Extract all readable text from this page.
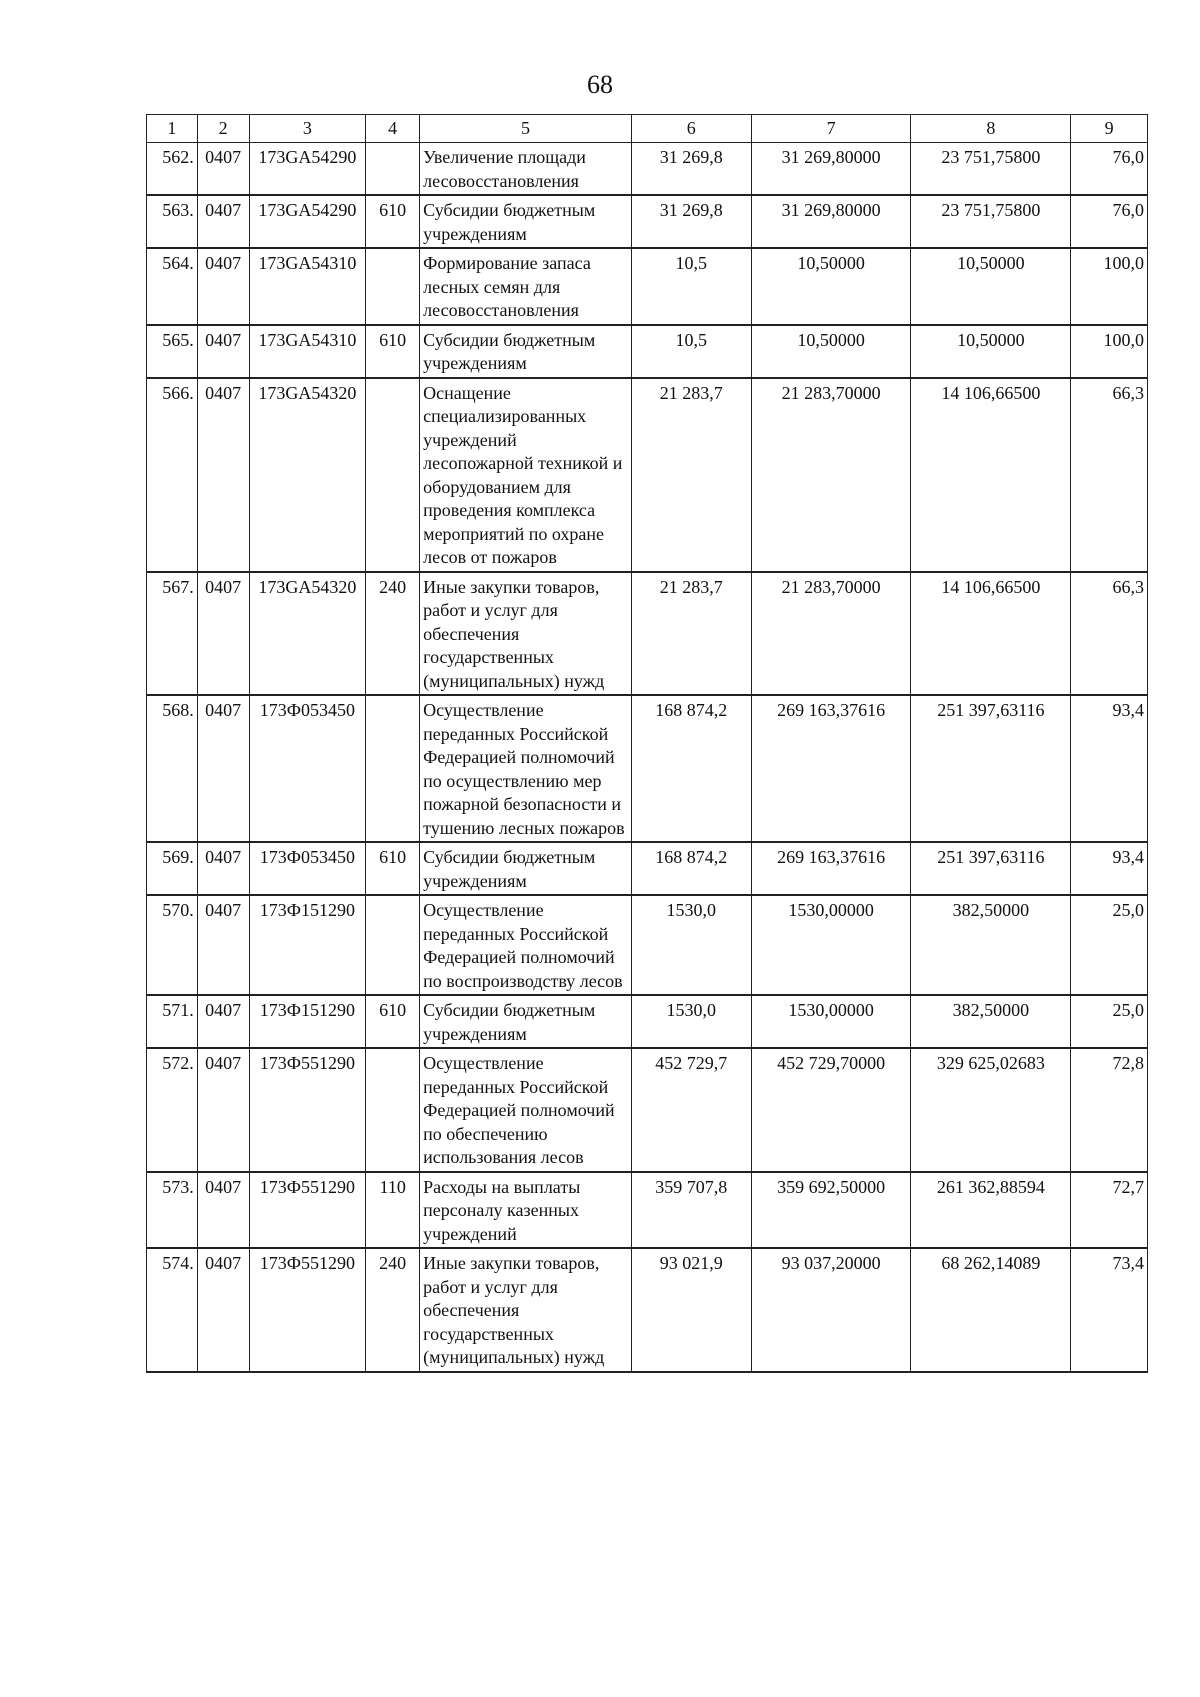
68
1	2	3	4	5	6	7	8	9
562.	0407	173GA54290		Увеличение площади лесовосстановления	31 269,8	31 269,80000	23 751,75800	76,0
563.	0407	173GA54290	610	Субсидии бюджетным учреждениям	31 269,8	31 269,80000	23 751,75800	76,0
564.	0407	173GA54310		Формирование запаса лесных семян для лесовосстановления	10,5	10,50000	10,50000	100,0
565.	0407	173GA54310	610	Субсидии бюджетным учреждениям	10,5	10,50000	10,50000	100,0
566.	0407	173GA54320		Оснащение специализированных учреждений лесопожарной техникой и оборудованием для проведения комплекса мероприятий по охране лесов от пожаров	21 283,7	21 283,70000	14 106,66500	66,3
567.	0407	173GA54320	240	Иные закупки товаров, работ и услуг для обеспечения государственных (муниципальных) нужд	21 283,7	21 283,70000	14 106,66500	66,3
568.	0407	173Ф053450		Осуществление переданных Российской Федерацией полномочий по осуществлению мер пожарной безопасности и тушению лесных пожаров	168 874,2	269 163,37616	251 397,63116	93,4
569.	0407	173Ф053450	610	Субсидии бюджетным учреждениям	168 874,2	269 163,37616	251 397,63116	93,4
570.	0407	173Ф151290		Осуществление переданных Российской Федерацией полномочий по воспроизводству лесов	1530,0	1530,00000	382,50000	25,0
571.	0407	173Ф151290	610	Субсидии бюджетным учреждениям	1530,0	1530,00000	382,50000	25,0
572.	0407	173Ф551290		Осуществление переданных Российской Федерацией полномочий по обеспечению использования лесов	452 729,7	452 729,70000	329 625,02683	72,8
573.	0407	173Ф551290	110	Расходы на выплаты персоналу казенных учреждений	359 707,8	359 692,50000	261 362,88594	72,7
574.	0407	173Ф551290	240	Иные закупки товаров, работ и услуг для обеспечения государственных (муниципальных) нужд	93 021,9	93 037,20000	68 262,14089	73,4
